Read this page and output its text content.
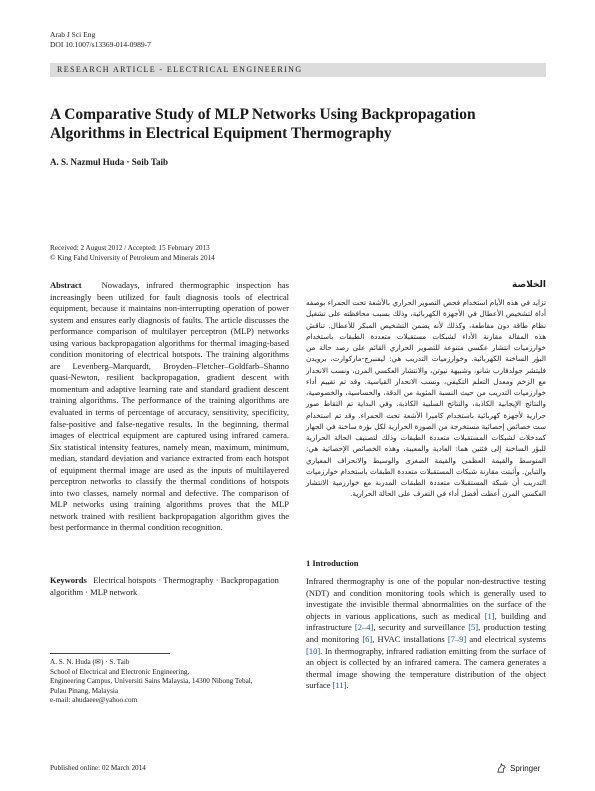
Arab J Sci Eng
DOI 10.1007/s13369-014-0989-7
RESEARCH ARTICLE - ELECTRICAL ENGINEERING
A Comparative Study of MLP Networks Using Backpropagation Algorithms in Electrical Equipment Thermography
A. S. Nazmul Huda · Soib Taib
Received: 2 August 2012 / Accepted: 15 February 2013
© King Fahd University of Petroleum and Minerals 2014
Abstract Nowadays, infrared thermographic inspection has increasingly been utilized for fault diagnosis tools of electrical equipment, because it maintains non-interrupting operation of power system and ensures early diagnosis of faults. The article discusses the performance comparison of multilayer perceptron (MLP) networks using various backpropagation algorithms for thermal imaging-based condition monitoring of electrical hotspots. The training algorithms are Levenberg–Marquardt, Broyden–Fletcher–Goldfarb–Shanno quasi-Newton, resilient backpropagation, gradient descent with momentum and adaptive learning rate and standard gradient descent training algorithms. The performance of the training algorithms are evaluated in terms of percentage of accuracy, sensitivity, specificity, false-positive and false-negative results. In the beginning, thermal images of electrical equipment are captured using infrared camera. Six statistical intensity features, namely mean, maximum, minimum, median, standard deviation and variance extracted from each hotspot of equipment thermal image are used as the inputs of multilayered perceptron networks to classify the thermal conditions of hotspots into two classes, namely normal and defective. The comparison of MLP networks using training algorithms proves that the MLP network trained with resilient backpropagation algorithm gives the best performance in thermal condition recognition.
Keywords Electrical hotspots · Thermography · Backpropagation algorithm · MLP network
A. S. N. Huda (✉) · S. Taib
School of Electrical and Electronic Engineering,
Engineering Campus, Universiti Sains Malaysia, 14300 Nibong Tebal,
Pulau Pinang, Malaysia
e-mail: ahudaeee@yahoo.com
الخلاصة
تزايد في هذه الأيام استخدام فحص التصوير الحراري بالأشعة تحت الحمراء بوصفه أداة لتشخيص الأعطال في الأجهزة الكهربائية، وذلك بسبب محافظته على تشغيل نظام طاقة دون مقاطعة، وكذلك لأنه يضمن التشخيص المبكر للأعطال. تناقش هذه المقالة مقارنة الأداء لشبكات مستقبلات متعددة الطبقات باستخدام خوارزميات انتشار عكسي متنوعة للتصوير الحراري القائم على رصد حالة من البؤر الساخنة الكهربائية. وخوارزميات التدريب هي: ليفنبرج-ماركوارت، برويدن فليتشر جولدفارب شانو، وشبيهة نيوتن، والانتشار العكسي المرن، ونسب الانحدار مع الزخم ومعدل التعلم التكيفي، ونسب الانحدار القياسية. وقد تم تقييم أداء خوارزميات التدريب من حيث النسبة المئوية من الدقة، والحساسية، والخصوصية، والنتائج الإيجابية الكاذبة، والنتائج السلبية الكاذبة. وفي البداية تم التقاط صور حرارية لأجهزة كهربائية باستخدام كاميرا الأشعة تحت الحمراء. وقد تم استخدام ست خصائص إحصائية مستخرجة من الصورة الحرارية لكل بؤرة ساخنة في الجهاز كمدخلات لشبكات المستقبلات متعددة الطبقات وذلك لتصنيف الحالة الحرارية للبؤر الساخنة إلى فئتين هما: العادية والمعيبة، وهذه الخصائص الإحصائية هي: المتوسط والقيمة العظمى والقيمة الصغرى والوسيط والانحراف المعياري والتباين. وأثبتت مقارنة شبكات المستقبلات متعددة الطبقات باستخدام خوارزميات التدريب أن شبكة المستقبلات متعددة الطبقات المدربة مع خوارزمية الانتشار العكسي المرن أعطت أفضل أداء في التعرف على الحالة الحرارية.
1 Introduction
Infrared thermography is one of the popular non-destructive testing (NDT) and condition monitoring tools which is generally used to investigate the invisible thermal abnormalities on the surface of the objects in various applications, such as medical [1], building and infrastructure [2–4], security and surveillance [5], production testing and monitoring [6], HVAC installations [7–9] and electrical systems [10]. In thermography, infrared radiation emitting from the surface of an object is collected by an infrared camera. The camera generates a thermal image showing the temperature distribution of the object surface [11].
Published online: 02 March 2014	Springer
